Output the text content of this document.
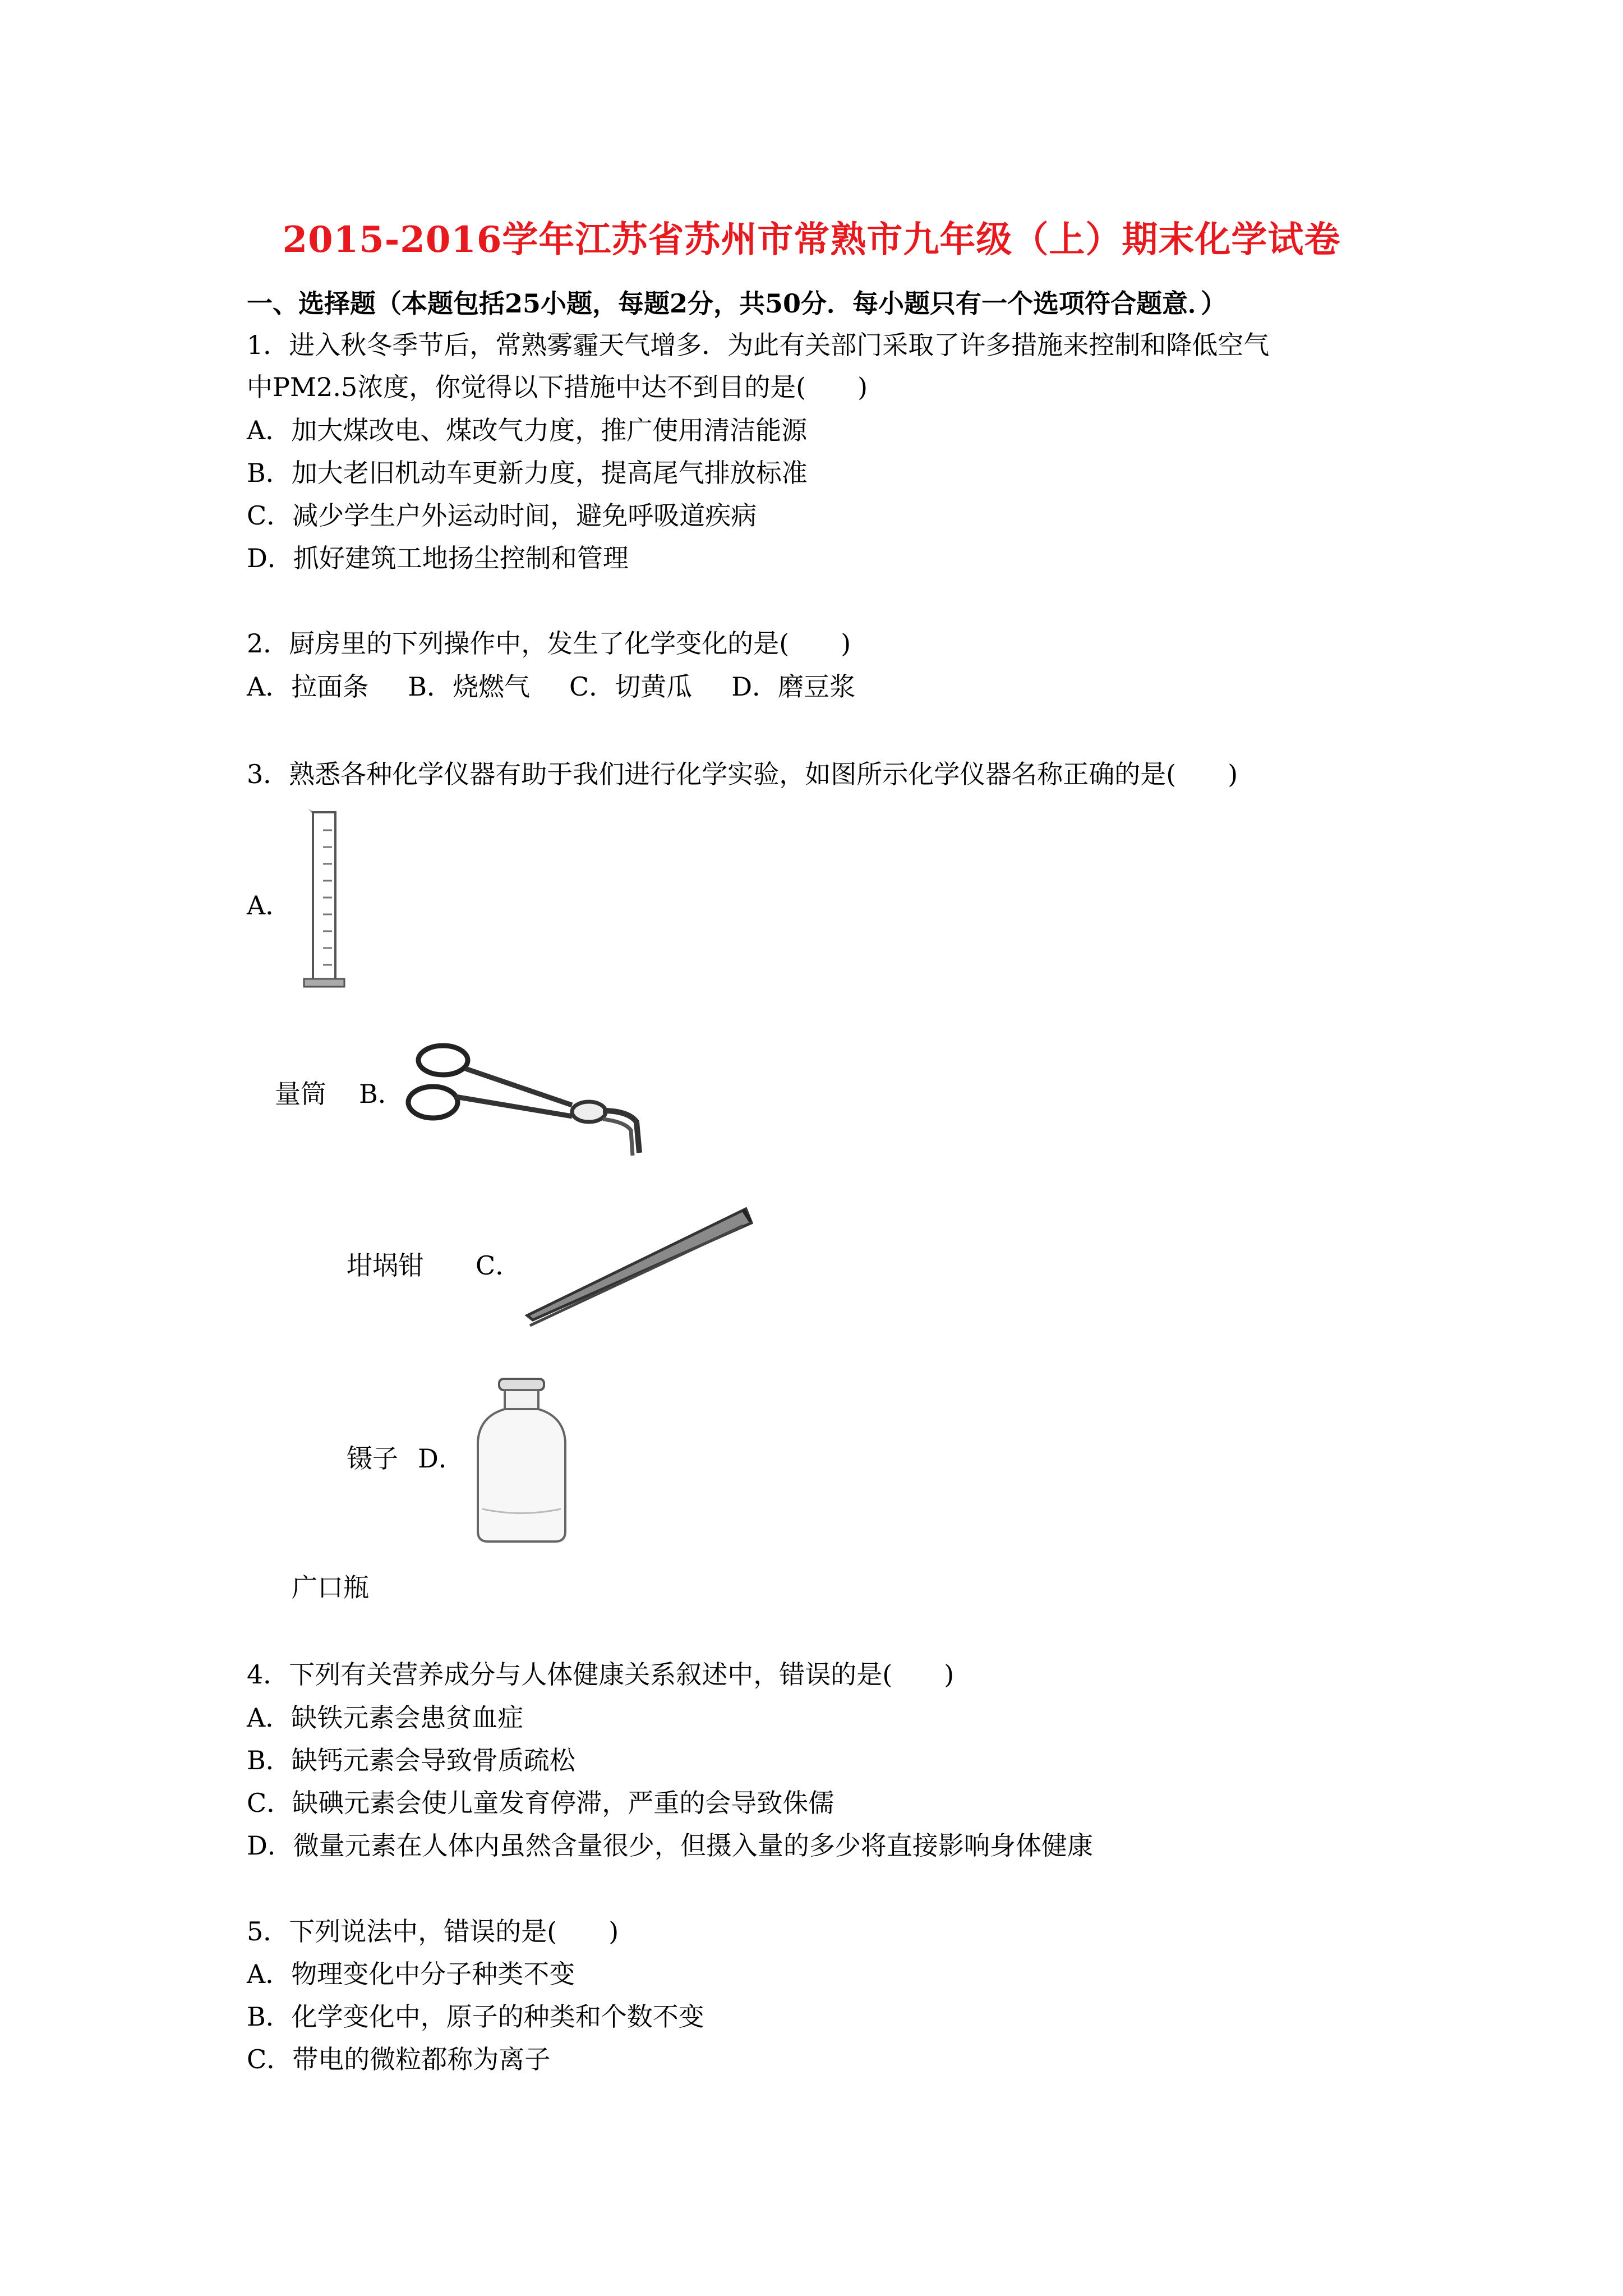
2015-2016学年江苏省苏州市常熟市九年级（上）期末化学试卷
一、选择题（本题包括25小题，每题2分，共50分．每小题只有一个选项符合题意．）
1．进入秋冬季节后，常熟雾霾天气增多．为此有关部门采取了许多措施来控制和降低空气
中PM2.5浓度，你觉得以下措施中达不到目的是(　　)
A．加大煤改电、煤改气力度，推广使用清洁能源
B．加大老旧机动车更新力度，提高尾气排放标准
C．减少学生户外运动时间，避免呼吸道疾病
D．抓好建筑工地扬尘控制和管理
2．厨房里的下列操作中，发生了化学变化的是(　　)
A．拉面条 B．烧燃气 C．切黄瓜 D．磨豆浆
3．熟悉各种化学仪器有助于我们进行化学实验，如图所示化学仪器名称正确的是(　　)
A．
量筒 B．
坩埚钳 C．
镊子 D．
广口瓶
4．下列有关营养成分与人体健康关系叙述中，错误的是(　　)
A．缺铁元素会患贫血症
B．缺钙元素会导致骨质疏松
C．缺碘元素会使儿童发育停滞，严重的会导致侏儒
D．微量元素在人体内虽然含量很少，但摄入量的多少将直接影响身体健康
5．下列说法中，错误的是(　　)
A．物理变化中分子种类不变
B．化学变化中，原子的种类和个数不变
C．带电的微粒都称为离子
